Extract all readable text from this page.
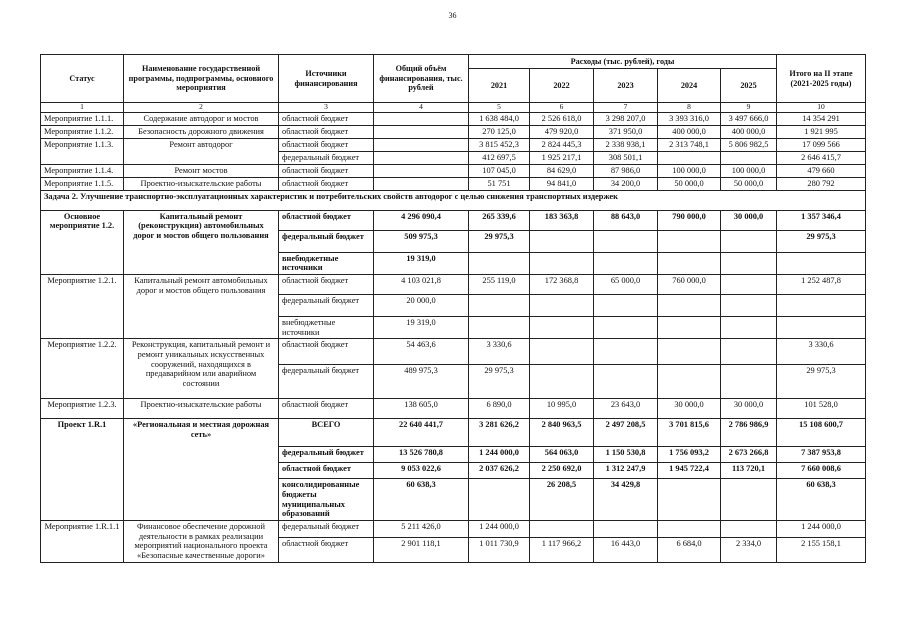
36
Статус	Наименование государственной программы, подпрограммы, основного мероприятия	Источники финансирования	Общий объём финансирования, тыс. рублей	Расходы (тыс. рублей), годы					Итого на II этапе (2021-2025 годы)
				2021	2022	2023	2024	2025	
1	2	3	4	5	6	7	8	9	10
Мероприятие 1.1.1.	Содержание автодорог и мостов	областной бюджет		1 638 484,0	2 526 618,0	3 298 207,0	3 393 316,0	3 497 666,0	14 354 291
Мероприятие 1.1.2.	Безопасность дорожного движения	областной бюджет		270 125,0	479 920,0	371 950,0	400 000,0	400 000,0	1 921 995
Мероприятие 1.1.3.	Ремонт автодорог	областной бюджет		3 815 452,3	2 824 445,3	2 338 938,1	2 313 748,1	5 806 982,5	17 099 566
		федеральный бюджет		412 697,5	1 925 217,1	308 501,1			2 646 415,7
Мероприятие 1.1.4.	Ремонт мостов	областной бюджет		107 045,0	84 629,0	87 986,0	100 000,0	100 000,0	479 660
Мероприятие 1.1.5.	Проектно-изыскательские работы	областной бюджет		51 751	94 841,0	34 200,0	50 000,0	50 000,0	280 792
Задача 2. Улучшение транспортно-эксплуатационных характеристик и потребительских свойств автодорог с целью снижения транспортных издержек									
Основное мероприятие 1.2.	Капитальный ремонт (реконструкция) автомобильных дорог и мостов общего пользования	областной бюджет	4 296 090,4	265 339,6	183 363,8	88 643,0	790 000,0	30 000,0	1 357 346,4
		федеральный бюджет	509 975,3	29 975,3					29 975,3
		внебюджетные источники	19 319,0						
Мероприятие 1.2.1.	Капитальный ремонт автомобильных дорог и мостов общего пользования	областной бюджет	4 103 021,8	255 119,0	172 368,8	65 000,0	760 000,0		1 252 487,8
		федеральный бюджет	20 000,0						
		внебюджетные источники	19 319,0						
Мероприятие 1.2.2.	Реконструкция, капитальный ремонт и ремонт уникальных искусственных сооружений, находящихся в предаварийном или аварийном состоянии	областной бюджет	54 463,6	3 330,6					3 330,6
		федеральный бюджет	489 975,3	29 975,3					29 975,3
Мероприятие 1.2.3.	Проектно-изыскательские работы	областной бюджет	138 605,0	6 890,0	10 995,0	23 643,0	30 000,0	30 000,0	101 528,0
Проект 1.R.1	«Региональная и местная дорожная сеть»	ВСЕГО	22 640 441,7	3 281 626,2	2 840 963,5	2 497 208,5	3 701 815,6	2 786 986,9	15 108 600,7
		федеральный бюджет	13 526 780,8	1 244 000,0	564 063,0	1 150 530,8	1 756 093,2	2 673 266,8	7 387 953,8
		областной бюджет	9 053 022,6	2 037 626,2	2 250 692,0	1 312 247,9	1 945 722,4	113 720,1	7 660 008,6
		консолидированные бюджеты муниципальных образований	60 638,3		26 208,5	34 429,8			60 638,3
Мероприятие 1.R.1.1	Финансовое обеспечение дорожной деятельности в рамках реализации мероприятий национального проекта «Безопасные качественные дороги»	федеральный бюджет	5 211 426,0	1 244 000,0					1 244 000,0
		областной бюджет	2 901 118,1	1 011 730,9	1 117 966,2	16 443,0	6 684,0	2 334,0	2 155 158,1
